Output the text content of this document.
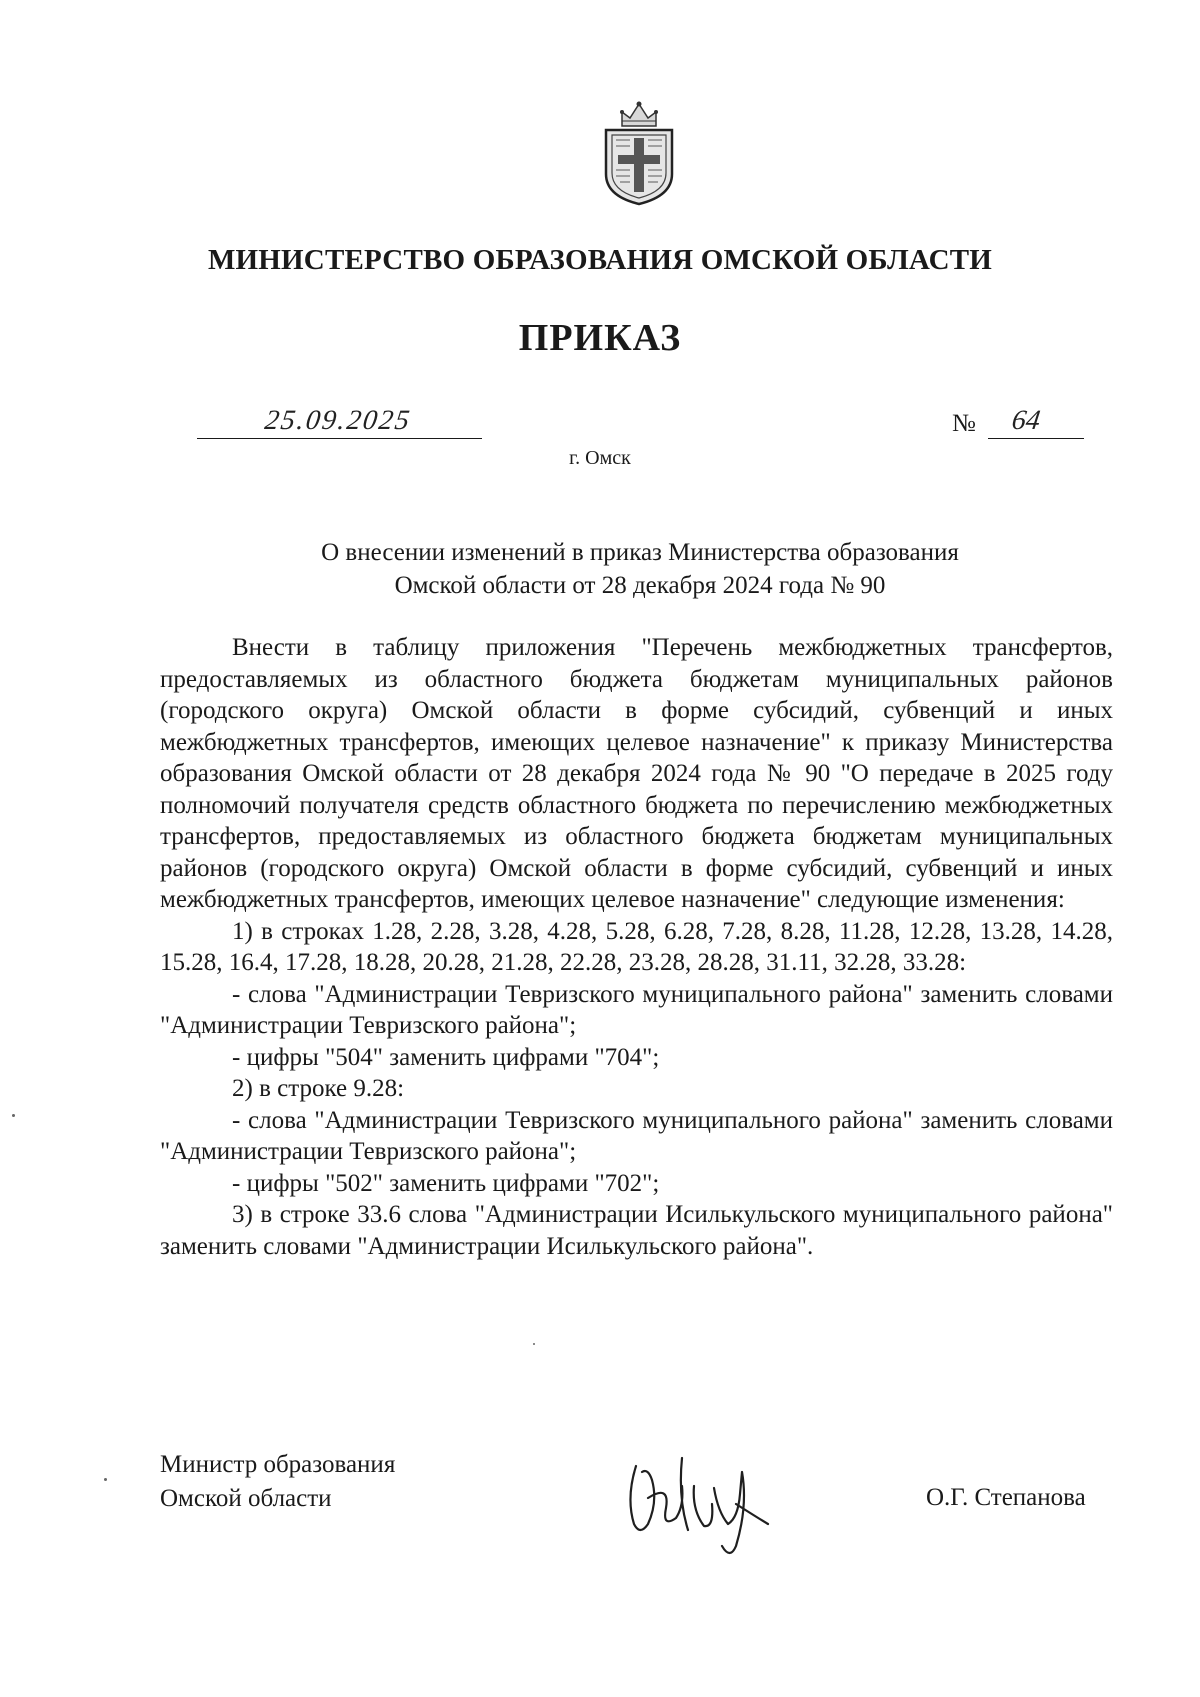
МИНИСТЕРСТВО ОБРАЗОВАНИЯ ОМСКОЙ ОБЛАСТИ
ПРИКАЗ
25.09.2025	№ 64
г. Омск
О внесении изменений в приказ Министерства образования
Омской области от 28 декабря 2024 года № 90

Внести в таблицу приложения "Перечень межбюджетных трансфертов, предоставляемых из областного бюджета бюджетам муниципальных районов (городского округа) Омской области в форме субсидий, субвенций и иных межбюджетных трансфертов, имеющих целевое назначение" к приказу Министерства образования Омской области от 28 декабря 2024 года № 90 "О передаче в 2025 году полномочий получателя средств областного бюджета по перечислению межбюджетных трансфертов, предоставляемых из областного бюджета бюджетам муниципальных районов (городского округа) Омской области в форме субсидий, субвенций и иных межбюджетных трансфертов, имеющих целевое назначение" следующие изменения:

1) в строках 1.28, 2.28, 3.28, 4.28, 5.28, 6.28, 7.28, 8.28, 11.28, 12.28, 13.28, 14.28, 15.28, 16.4, 17.28, 18.28, 20.28, 21.28, 22.28, 23.28, 28.28, 31.11, 32.28, 33.28:

- слова "Администрации Тевризского муниципального района" заменить словами "Администрации Тевризского района";

- цифры "504" заменить цифрами "704";

2) в строке 9.28:

- слова "Администрации Тевризского муниципального района" заменить словами "Администрации Тевризского района";

- цифры "502" заменить цифрами "702";

3) в строке 33.6 слова "Администрации Исилькульского муниципального района" заменить словами "Администрации Исилькульского района".

Министр образования
Омской области	О.Г. Степанова
